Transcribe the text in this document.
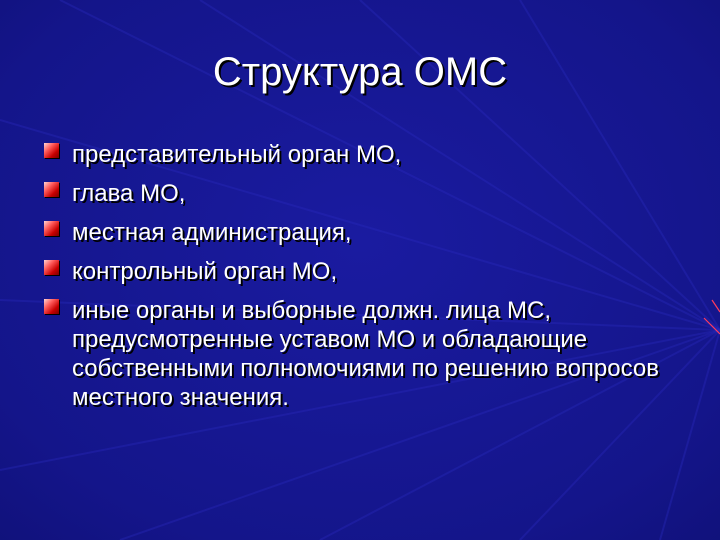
Структура ОМС
представительный орган МО,
глава МО,
местная администрация,
контрольный орган МО,
иные органы и выборные должн. лица МС, предусмотренные уставом МО и обладающие собственными полномочиями по решению вопросов местного значения.
